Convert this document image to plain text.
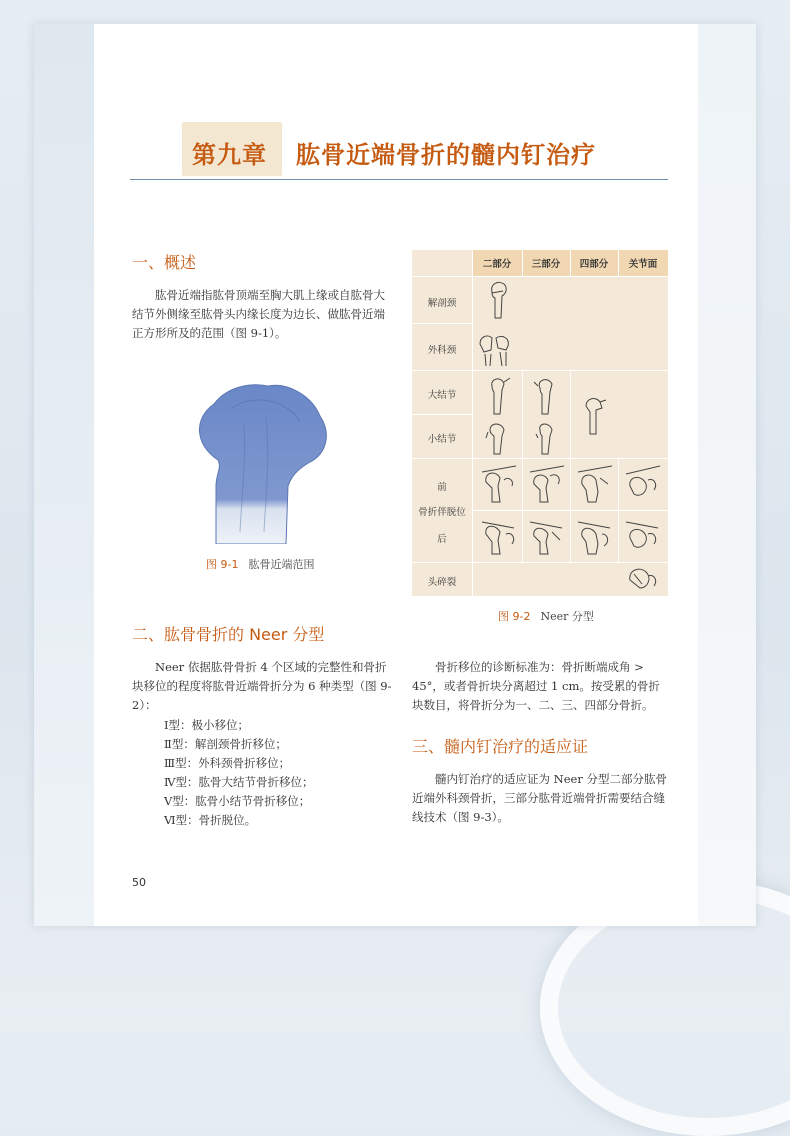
第九章 肱骨近端骨折的髓内钉治疗
一、概述

肱骨近端指肱骨顶端至胸大肌上缘或自肱骨大结节外侧缘至肱骨头内缘长度为边长、做肱骨近端正方形所及的范围（图 9-1）。

图 9-1 肱骨近端范围
二部分	三部分	四部分	关节面
解剖颈
外科颈
大结节
小结节
前
骨折伴脱位
后
头碎裂
图 9-2 Neer 分型
二、肱骨骨折的 Neer 分型

Neer 依据肱骨骨折 4 个区域的完整性和骨折块移位的程度将肱骨近端骨折分为 6 种类型（图 9-2）：

Ⅰ型：极小移位；
Ⅱ型：解剖颈骨折移位；
Ⅲ型：外科颈骨折移位；
Ⅳ型：肱骨大结节骨折移位；
Ⅴ型：肱骨小结节骨折移位；
Ⅵ型：骨折脱位。

骨折移位的诊断标准为：骨折断端成角 > 45°，或者骨折块分离超过 1 cm。按受累的骨折块数目，将骨折分为一、二、三、四部分骨折。

三、髓内钉治疗的适应证

髓内钉治疗的适应证为 Neer 分型二部分肱骨近端外科颈骨折，三部分肱骨近端骨折需要结合缝线技术（图 9-3）。

50
